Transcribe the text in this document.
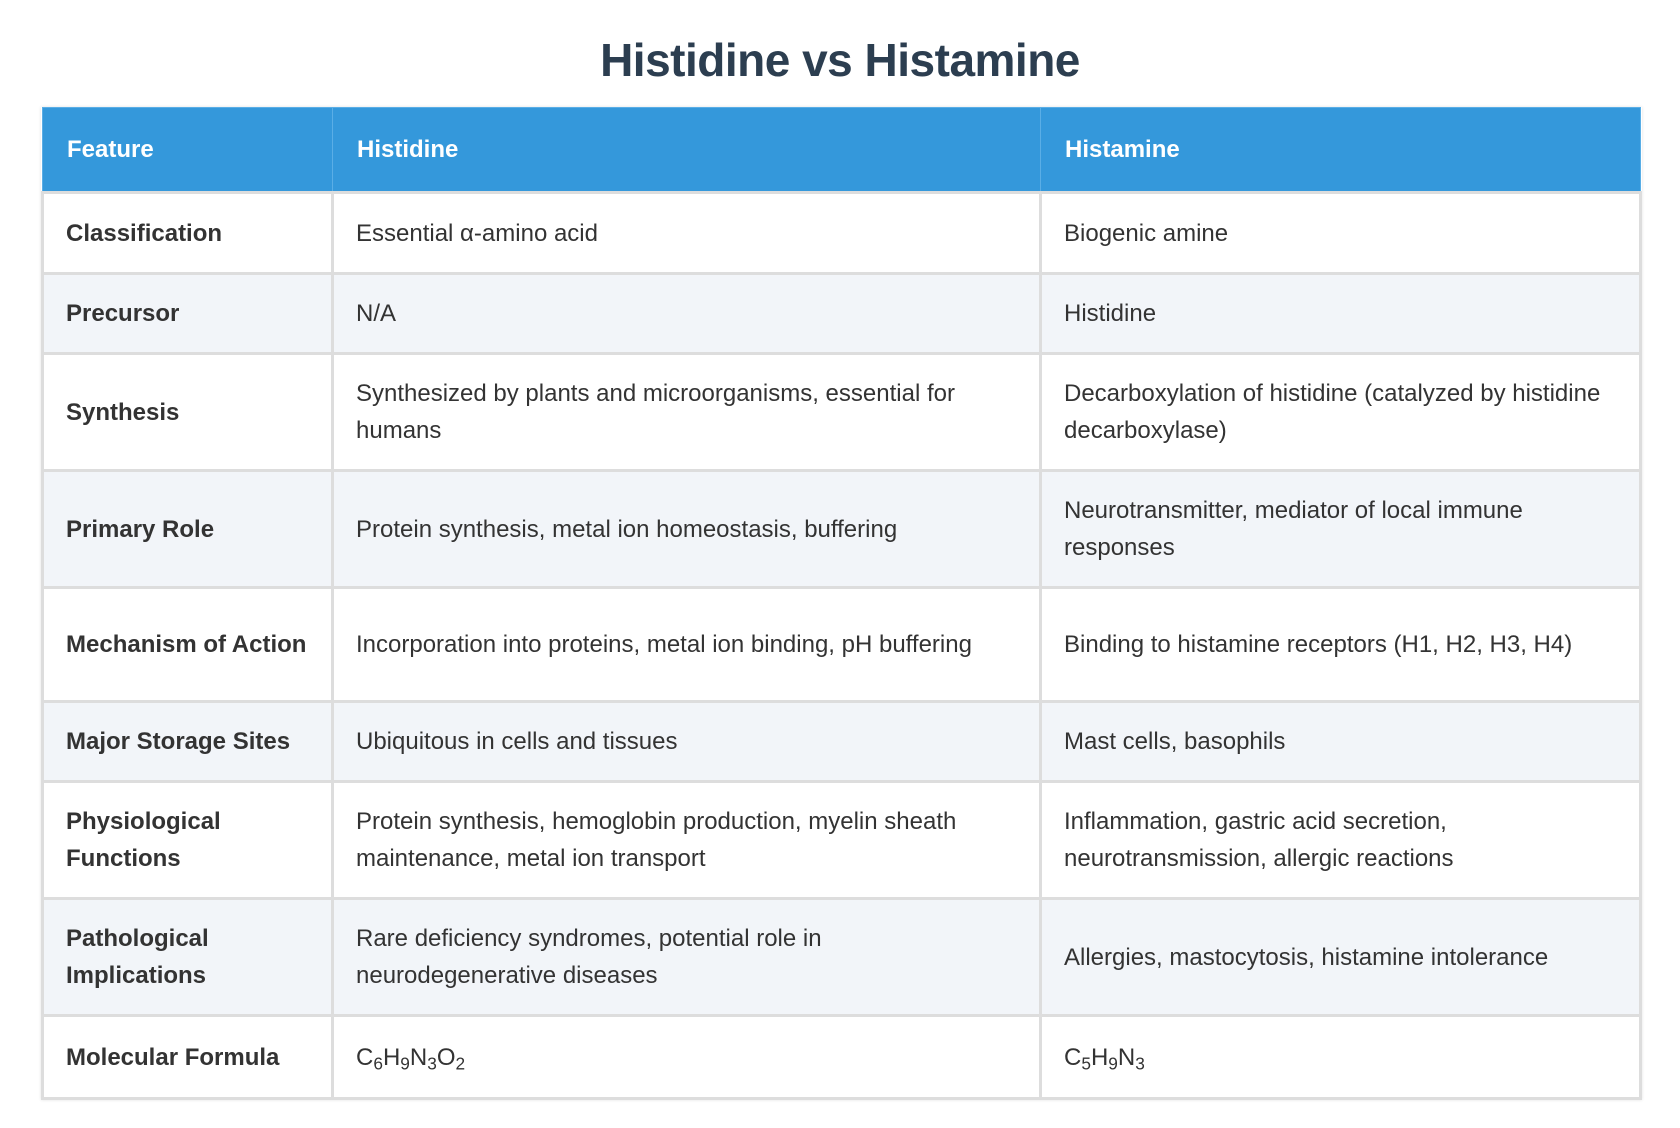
Histidine vs Histamine
Feature	Histidine	Histamine
Classification	Essential α-amino acid	Biogenic amine
Precursor	N/A	Histidine
Synthesis	Synthesized by plants and microorganisms, essential for humans	Decarboxylation of histidine (catalyzed by histidine decarboxylase)
Primary Role	Protein synthesis, metal ion homeostasis, buffering	Neurotransmitter, mediator of local immune responses
Mechanism of Action	Incorporation into proteins, metal ion binding, pH buffering	Binding to histamine receptors (H1, H2, H3, H4)
Major Storage Sites	Ubiquitous in cells and tissues	Mast cells, basophils
Physiological Functions	Protein synthesis, hemoglobin production, myelin sheath maintenance, metal ion transport	Inflammation, gastric acid secretion, neurotransmission, allergic reactions
Pathological Implications	Rare deficiency syndromes, potential role in neurodegenerative diseases	Allergies, mastocytosis, histamine intolerance
Molecular Formula	$C_6H_9N_3O_2$	$C_5H_9N_3$
